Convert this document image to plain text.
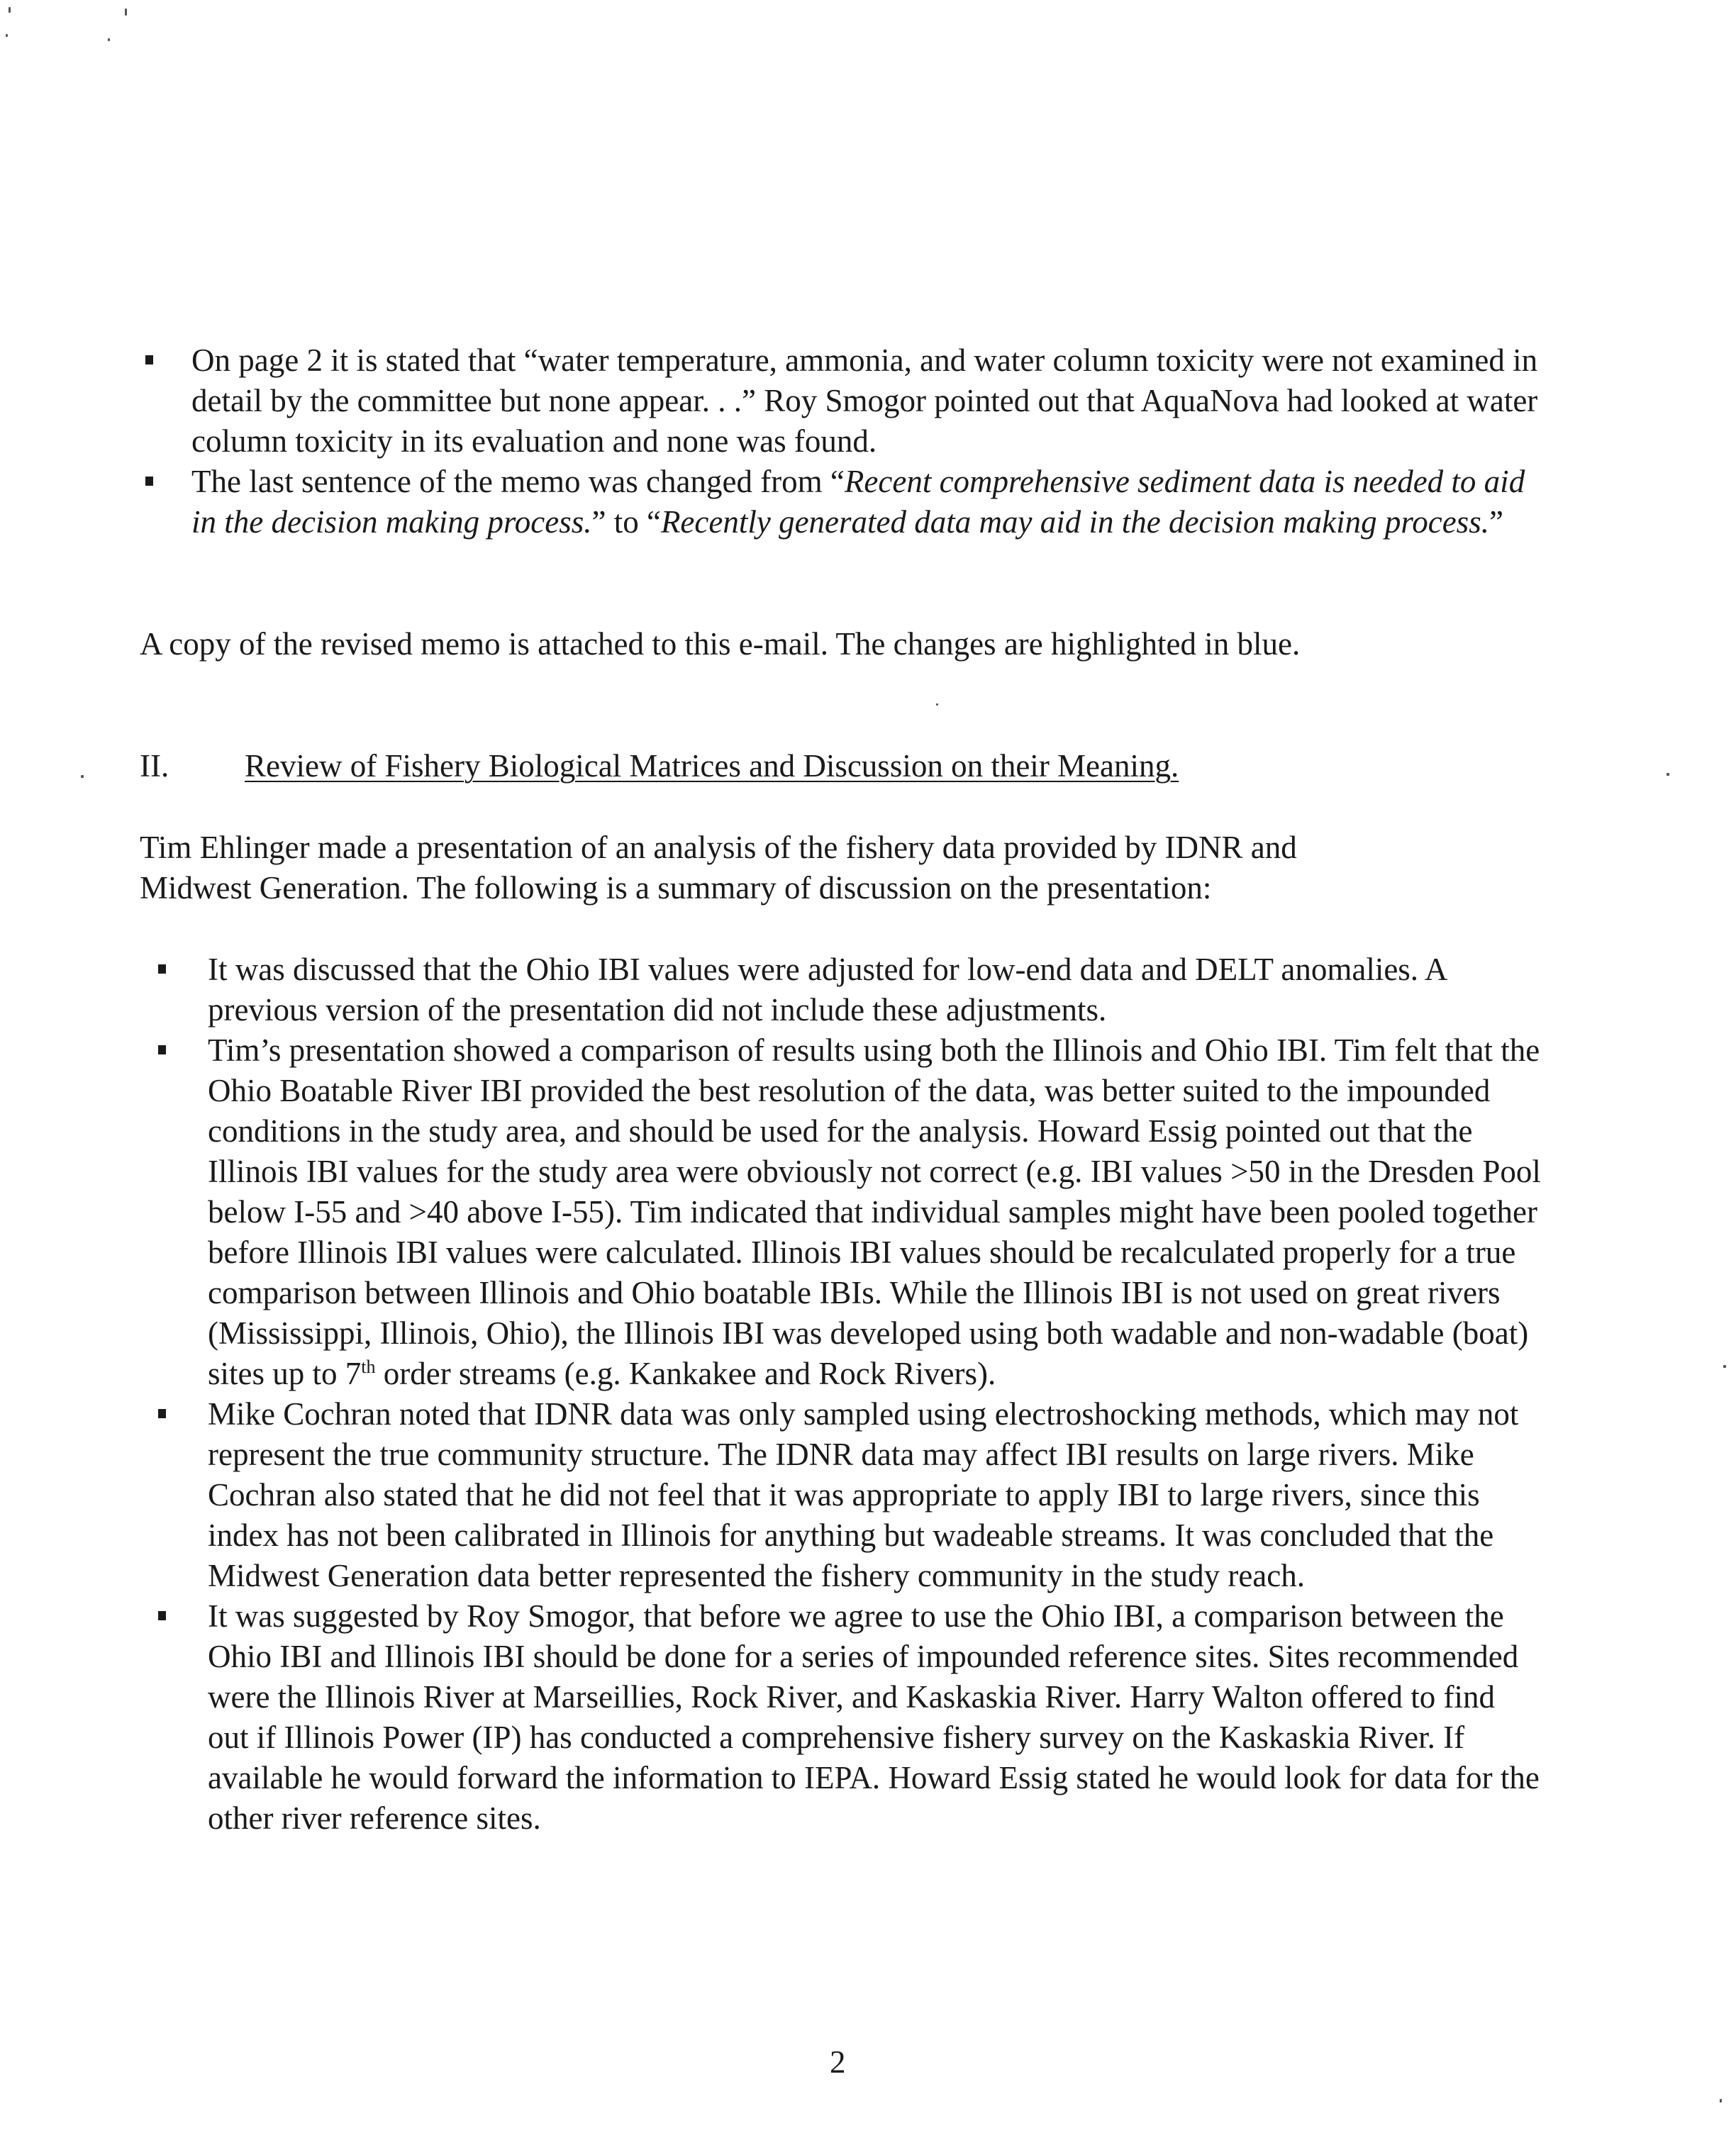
On page 2 it is stated that “water temperature, ammonia, and water column toxicity were not examined in detail by the committee but none appear. . .” Roy Smogor pointed out that AquaNova had looked at water column toxicity in its evaluation and none was found.
The last sentence of the memo was changed from “Recent comprehensive sediment data is needed to aid in the decision making process.” to “Recently generated data may aid in the decision making process.”

A copy of the revised memo is attached to this e-mail. The changes are highlighted in blue.

II. Review of Fishery Biological Matrices and Discussion on their Meaning.

Tim Ehlinger made a presentation of an analysis of the fishery data provided by IDNR and Midwest Generation. The following is a summary of discussion on the presentation:

It was discussed that the Ohio IBI values were adjusted for low-end data and DELT anomalies. A previous version of the presentation did not include these adjustments.
Tim’s presentation showed a comparison of results using both the Illinois and Ohio IBI. Tim felt that the Ohio Boatable River IBI provided the best resolution of the data, was better suited to the impounded conditions in the study area, and should be used for the analysis. Howard Essig pointed out that the Illinois IBI values for the study area were obviously not correct (e.g. IBI values >50 in the Dresden Pool below I-55 and >40 above I-55). Tim indicated that individual samples might have been pooled together before Illinois IBI values were calculated. Illinois IBI values should be recalculated properly for a true comparison between Illinois and Ohio boatable IBIs. While the Illinois IBI is not used on great rivers (Mississippi, Illinois, Ohio), the Illinois IBI was developed using both wadable and non-wadable (boat) sites up to 7th order streams (e.g. Kankakee and Rock Rivers).
Mike Cochran noted that IDNR data was only sampled using electroshocking methods, which may not represent the true community structure. The IDNR data may affect IBI results on large rivers. Mike Cochran also stated that he did not feel that it was appropriate to apply IBI to large rivers, since this index has not been calibrated in Illinois for anything but wadeable streams. It was concluded that the Midwest Generation data better represented the fishery community in the study reach.
It was suggested by Roy Smogor, that before we agree to use the Ohio IBI, a comparison between the Ohio IBI and Illinois IBI should be done for a series of impounded reference sites. Sites recommended were the Illinois River at Marseillies, Rock River, and Kaskaskia River. Harry Walton offered to find out if Illinois Power (IP) has conducted a comprehensive fishery survey on the Kaskaskia River. If available he would forward the information to IEPA. Howard Essig stated he would look for data for the other river reference sites.
2
